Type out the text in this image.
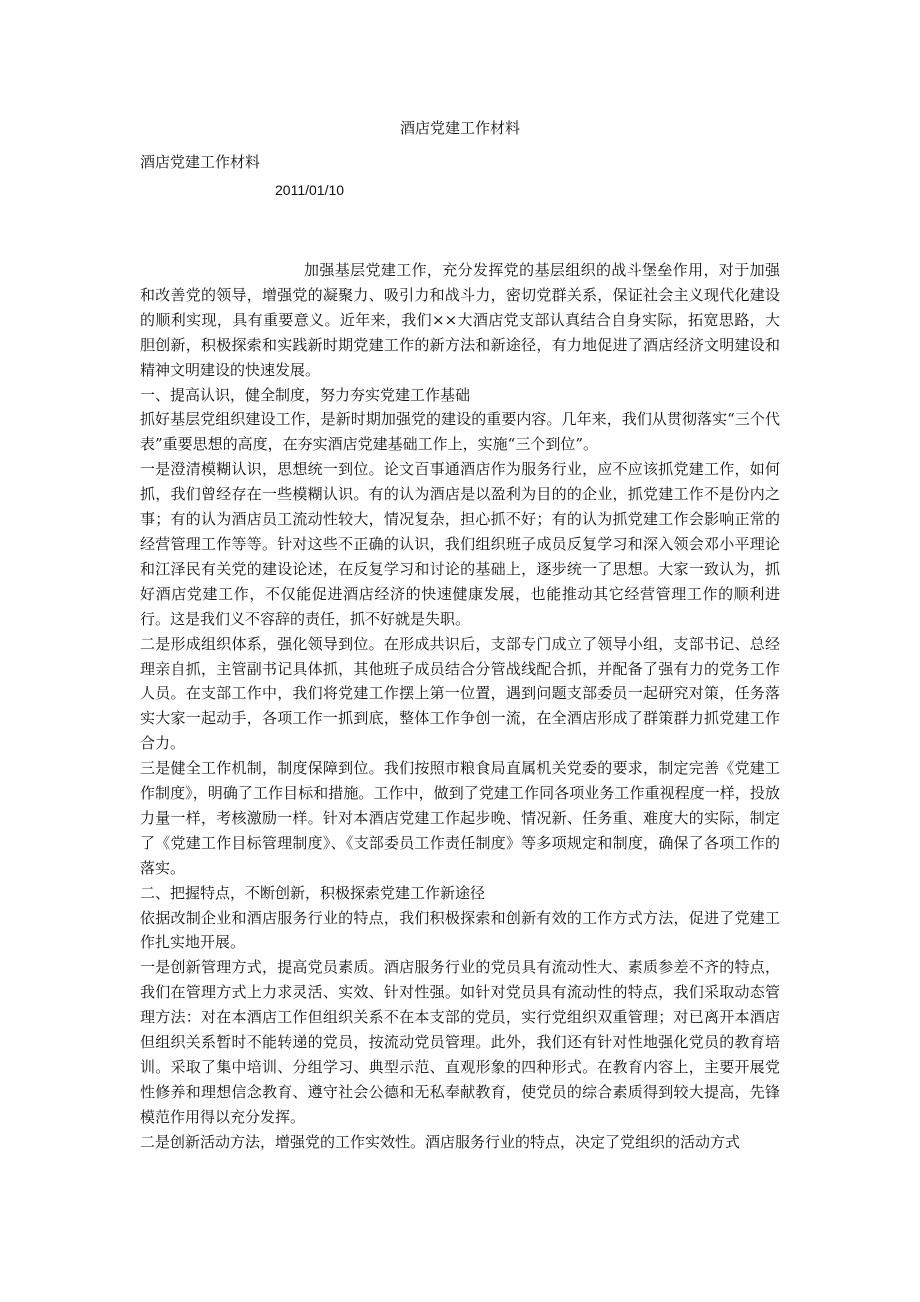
酒店党建工作材料
酒店党建工作材料
2011/01/10

加强基层党建工作，充分发挥党的基层组织的战斗堡垒作用，对于加强和改善党的领导，增强党的凝聚力、吸引力和战斗力，密切党群关系，保证社会主义现代化建设的顺利实现，具有重要意义。近年来，我们××大酒店党支部认真结合自身实际，拓宽思路，大胆创新，积极探索和实践新时期党建工作的新方法和新途径，有力地促进了酒店经济文明建设和精神文明建设的快速发展。

一、提高认识，健全制度，努力夯实党建工作基础

抓好基层党组织建设工作，是新时期加强党的建设的重要内容。几年来，我们从贯彻落实“三个代表”重要思想的高度，在夯实酒店党建基础工作上，实施“三个到位”。

一是澄清模糊认识，思想统一到位。论文百事通酒店作为服务行业，应不应该抓党建工作，如何抓，我们曾经存在一些模糊认识。有的认为酒店是以盈利为目的的企业，抓党建工作不是份内之事；有的认为酒店员工流动性较大，情况复杂，担心抓不好；有的认为抓党建工作会影响正常的经营管理工作等等。针对这些不正确的认识，我们组织班子成员反复学习和深入领会邓小平理论和江泽民有关党的建设论述，在反复学习和讨论的基础上，逐步统一了思想。大家一致认为，抓好酒店党建工作，不仅能促进酒店经济的快速健康发展，也能推动其它经营管理工作的顺利进行。这是我们义不容辞的责任，抓不好就是失职。

二是形成组织体系，强化领导到位。在形成共识后，支部专门成立了领导小组，支部书记、总经理亲自抓，主管副书记具体抓，其他班子成员结合分管战线配合抓，并配备了强有力的党务工作人员。在支部工作中，我们将党建工作摆上第一位置，遇到问题支部委员一起研究对策，任务落实大家一起动手，各项工作一抓到底，整体工作争创一流，在全酒店形成了群策群力抓党建工作合力。

三是健全工作机制，制度保障到位。我们按照市粮食局直属机关党委的要求，制定完善《党建工作制度》，明确了工作目标和措施。工作中，做到了党建工作同各项业务工作重视程度一样，投放力量一样，考核激励一样。针对本酒店党建工作起步晚、情况新、任务重、难度大的实际，制定了《党建工作目标管理制度》、《支部委员工作责任制度》等多项规定和制度，确保了各项工作的落实。

二、把握特点，不断创新，积极探索党建工作新途径

依据改制企业和酒店服务行业的特点，我们积极探索和创新有效的工作方式方法，促进了党建工作扎实地开展。

一是创新管理方式，提高党员素质。酒店服务行业的党员具有流动性大、素质参差不齐的特点，我们在管理方式上力求灵活、实效、针对性强。如针对党员具有流动性的特点，我们采取动态管理方法：对在本酒店工作但组织关系不在本支部的党员，实行党组织双重管理；对已离开本酒店但组织关系暂时不能转递的党员，按流动党员管理。此外，我们还有针对性地强化党员的教育培训。采取了集中培训、分组学习、典型示范、直观形象的四种形式。在教育内容上，主要开展党性修养和理想信念教育、遵守社会公德和无私奉献教育，使党员的综合素质得到较大提高，先锋模范作用得以充分发挥。

二是创新活动方法，增强党的工作实效性。酒店服务行业的特点，决定了党组织的活动方式
